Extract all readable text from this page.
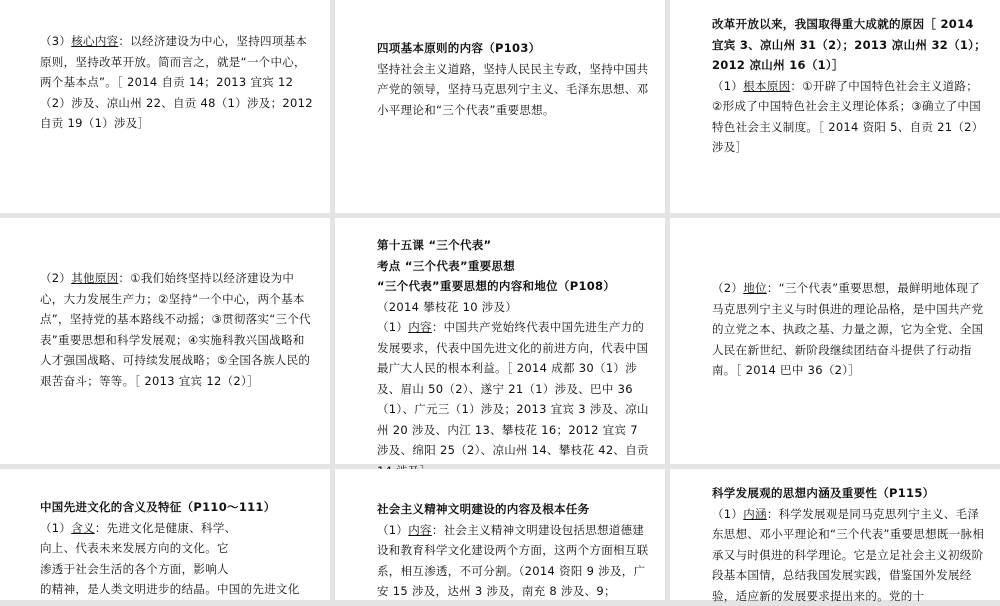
（3）核心内容：以经济建设为中心，坚持四项基本原则，坚持改革开放。简而言之，就是“一个中心，两个基本点”。［ 2014 自贡 14；2013 宜宾 12（2）涉及、凉山州 22、自贡 48（1）涉及；2012 自贡 19（1）涉及］

四项基本原则的内容（P103）

坚持社会主义道路，坚持人民民主专政，坚持中国共产党的领导，坚持马克思列宁主义、毛泽东思想、邓小平理论和“三个代表”重要思想。

改革开放以来，我国取得重大成就的原因［ 2014 宜宾 3、凉山州 31（2）；2013 凉山州 32（1）；2012 凉山州 16（1）］

（1）根本原因：①开辟了中国特色社会主义道路；②形成了中国特色社会主义理论体系；③确立了中国特色社会主义制度。［ 2014 资阳 5、自贡 21（2）涉及］

（2）其他原因：①我们始终坚持以经济建设为中心，大力发展生产力；②坚持“一个中心，两个基本点”，坚持党的基本路线不动摇；③贯彻落实“三个代表”重要思想和科学发展观；④实施科教兴国战略和人才强国战略、可持续发展战略；⑤全国各族人民的艰苦奋斗；等等。［ 2013 宜宾 12（2）］

第十五课 “三个代表”

考点 “三个代表”重要思想

“三个代表”重要思想的内容和地位（P108）

（2014 攀枝花 10 涉及）

（1）内容：中国共产党始终代表中国先进生产力的发展要求，代表中国先进文化的前进方向，代表中国最广大人民的根本利益。［ 2014 成都 30（1）涉及、眉山 50（2）、遂宁 21（1）涉及、巴中 36（1）、广元三（1）涉及；2013 宜宾 3 涉及、凉山州 20 涉及、内江 13、攀枝花 16；2012 宜宾 7 涉及、绵阳 25（2）、凉山州 14、攀枝花 42、自贡

（2）地位：“三个代表”重要思想，最鲜明地体现了马克思列宁主义与时俱进的理论品格，是中国共产党的立党之本、执政之基、力量之源，它为全党、全国人民在新世纪、新阶段继续团结奋斗提供了行动指南。［ 2014 巴中 36（2）］

中国先进文化的含义及特征（P110～111）

（1）含义：先进文化是健康、科学、

向上、代表未来发展方向的文化。它

渗透于社会生活的各个方面，影响人

的精神，是人类文明进步的结晶。中国的先进文化

社会主义精神文明建设的内容及根本任务

（1）内容：社会主义精神文明建设包括思想道德建设和教育科学文化建设两个方面，这两个方面相互联系，相互渗透，不可分割。（2014 资阳 9 涉及，广安 15 涉及，达州 3 涉及，南充 8 涉及、9；

科学发展观的思想内涵及重要性（P115）

（1）内涵：科学发展观是同马克思列宁主义、毛泽东思想、邓小平理论和“三个代表”重要思想既一脉相承又与时俱进的科学理论。它是立足社会主义初级阶段基本国情，总结我国发展实践，借鉴国外发展经验，适应新的发展要求提出来的。党的十
